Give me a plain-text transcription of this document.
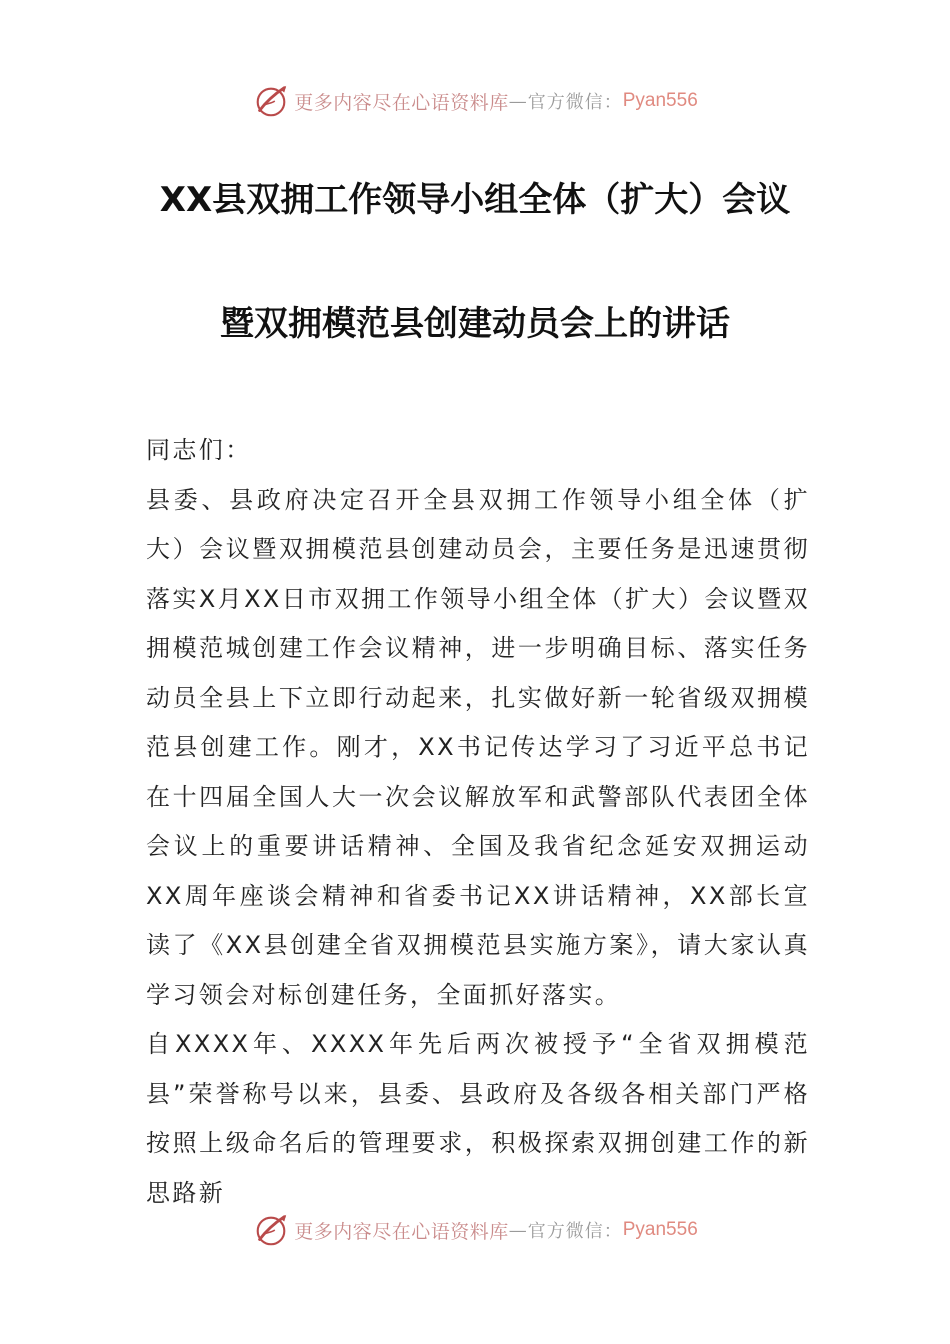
更多内容尽在心语资料库 — 官方微信： Pyan556
XX县双拥工作领导小组全体（扩大）会议
暨双拥模范县创建动员会上的讲话

同志们：

县委、县政府决定召开全县双拥工作领导小组全体（扩大）会议暨双拥模范县创建动员会，主要任务是迅速贯彻落实X月XX日市双拥工作领导小组全体（扩大）会议暨双拥模范城创建工作会议精神，进一步明确目标、落实任务动员全县上下立即行动起来，扎实做好新一轮省级双拥模范县创建工作。刚才，XX书记传达学习了习近平总书记在十四届全国人大一次会议解放军和武警部队代表团全体会议上的重要讲话精神、全国及我省纪念延安双拥运动XX周年座谈会精神和省委书记XX讲话精神，XX部长宣读了《XX县创建全省双拥模范县实施方案》，请大家认真学习领会对标创建任务，全面抓好落实。

自XXXX年、XXXX年先后两次被授予“全省双拥模范县”荣誉称号以来，县委、县政府及各级各相关部门严格按照上级命名后的管理要求，积极探索双拥创建工作的新思路新

更多内容尽在心语资料库 — 官方微信： Pyan556
